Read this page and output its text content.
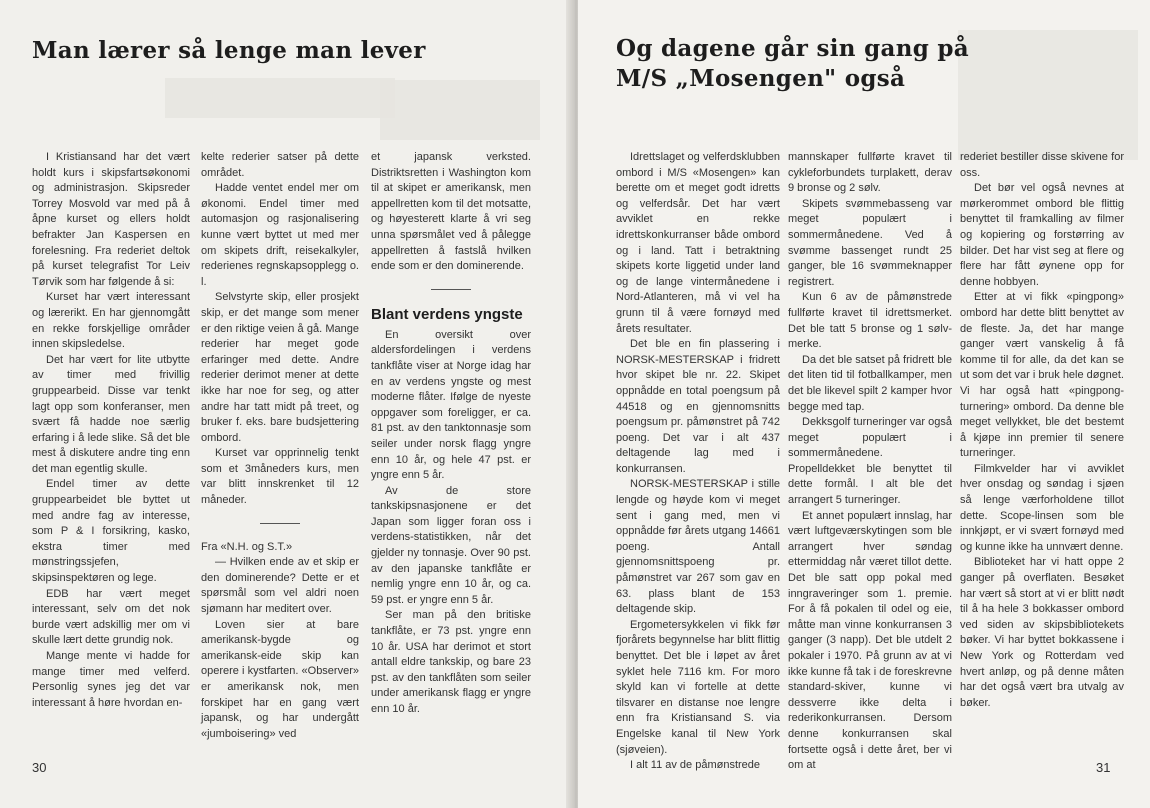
Man lærer så lenge man lever

I Kristiansand har det vært holdt kurs i skipsfartsøkonomi og administrasjon. Skipsreder Torrey Mosvold var med på å åpne kurset og ellers holdt befrakter Jan Kaspersen en forelesning. Fra rederiet deltok på kurset telegrafist Tor Leiv Tørvik som har følgende å si:

Kurset har vært interessant og lærerikt. En har gjennomgått en rekke forskjellige områder innen skipsledelse.

Det har vært for lite utbytte av timer med frivillig gruppearbeid. Disse var tenkt lagt opp som konferanser, men svært få hadde noe særlig erfaring i å lede slike. Så det ble mest å diskutere andre ting enn det man egentlig skulle.

Endel timer av dette gruppearbeidet ble byttet ut med andre fag av interesse, som P & I forsikring, kasko, ekstra timer med mønstringssjefen, skipsinspektøren og lege.

EDB har vært meget interessant, selv om det nok burde vært adskillig mer om vi skulle lært dette grundig nok.

Mange mente vi hadde for mange timer med velferd. Personlig synes jeg det var interessant å høre hvordan en-

kelte rederier satser på dette området.

Hadde ventet endel mer om økonomi. Endel timer med automasjon og rasjonalisering kunne vært byttet ut med mer om skipets drift, reisekalkyler, rederienes regnskapsopplegg o. l.

Selvstyrte skip, eller prosjekt skip, er det mange som mener er den riktige veien å gå. Mange rederier har meget gode erfaringer med dette. Andre rederier derimot mener at dette ikke har noe for seg, og atter andre har tatt midt på treet, og bruker f. eks. bare budsjettering ombord.

Kurset var opprinnelig tenkt som et 3måneders kurs, men var blitt innskrenket til 12 måneder.

Fra «N.H. og S.T.»

— Hvilken ende av et skip er den dominerende? Dette er et spørsmål som vel aldri noen sjømann har meditert over.

Loven sier at bare amerikansk-bygde og amerikansk-eide skip kan operere i kystfarten. «Observer» er amerikansk nok, men forskipet har en gang vært japansk, og har undergått «jumboisering» ved

et japansk verksted. Distriktsretten i Washington kom til at skipet er amerikansk, men appellretten kom til det motsatte, og høyesterett klarte å vri seg unna spørsmålet ved å pålegge appellretten å fastslå hvilken ende som er den dominerende.

Blant verdens yngste

En oversikt over aldersfordelingen i verdens tankflåte viser at Norge idag har en av verdens yngste og mest moderne flåter. Ifølge de nyeste oppgaver som foreligger, er ca. 81 pst. av den tanktonnasje som seiler under norsk flagg yngre enn 10 år, og hele 47 pst. er yngre enn 5 år.

Av de store tankskipsnasjonene er det Japan som ligger foran oss i verdens-statistikken, når det gjelder ny tonnasje. Over 90 pst. av den japanske tankflåte er nemlig yngre enn 10 år, og ca. 59 pst. er yngre enn 5 år.

Ser man på den britiske tankflåte, er 73 pst. yngre enn 10 år. USA har derimot et stort antall eldre tankskip, og bare 23 pst. av den tankflåten som seiler under amerikansk flagg er yngre enn 10 år.

30
Og dagene går sin gang på
M/S „Mosengen" også

Idrettslaget og velferdsklubben ombord i M/S «Mosengen» kan berette om et meget godt idretts og velferdsår. Det har vært avviklet en rekke idrettskonkurranser både ombord og i land. Tatt i betraktning skipets korte liggetid under land og de lange vintermånedene i Nord-Atlanteren, må vi vel ha grunn til å være fornøyd med årets resultater.

Det ble en fin plassering i NORSK-MESTERSKAP i fridrett hvor skipet ble nr. 22. Skipet oppnådde en total poengsum på 44518 og en gjennomsnitts poengsum pr. påmønstret på 742 poeng. Det var i alt 437 deltagende lag med i konkurransen.

NORSK-MESTERSKAP i stille lengde og høyde kom vi meget sent i gang med, men vi oppnådde før årets utgang 14661 poeng. Antall gjennomsnittspoeng pr. påmønstret var 267 som gav en 63. plass blant de 153 deltagende skip.

Ergometersykkelen vi fikk før fjorårets begynnelse har blitt flittig benyttet. Det ble i løpet av året syklet hele 7116 km. For moro skyld kan vi fortelle at dette tilsvarer en distanse noe lengre enn fra Kristiansand S. via Engelske kanal til New York (sjøveien).

I alt 11 av de påmønstrede

mannskaper fullførte kravet til cykleforbundets turplakett, derav 9 bronse og 2 sølv.

Skipets svømmebasseng var meget populært i sommermånedene. Ved å svømme bassenget rundt 25 ganger, ble 16 svømmeknapper registrert.

Kun 6 av de påmønstrede fullførte kravet til idrettsmerket. Det ble tatt 5 bronse og 1 sølv-merke.

Da det ble satset på fridrett ble det liten tid til fotballkamper, men det ble likevel spilt 2 kamper hvor begge med tap.

Dekksgolf turneringer var også meget populært i sommermånedene. Propelldekket ble benyttet til dette formål. I alt ble det arrangert 5 turneringer.

Et annet populært innslag, har vært luftgeværskytingen som ble arrangert hver søndag ettermiddag når været tillot dette. Det ble satt opp pokal med inngraveringer som 1. premie. For å få pokalen til odel og eie, måtte man vinne konkurransen 3 ganger (3 napp). Det ble utdelt 2 pokaler i 1970. På grunn av at vi ikke kunne få tak i de foreskrevne standard-skiver, kunne vi dessverre ikke delta i rederikonkurransen. Dersom denne konkurransen skal fortsette også i dette året, ber vi om at

rederiet bestiller disse skivene for oss.

Det bør vel også nevnes at mørkerommet ombord ble flittig benyttet til framkalling av filmer og kopiering og forstørring av bilder. Det har vist seg at flere og flere har fått øynene opp for denne hobbyen.

Etter at vi fikk «pingpong» ombord har dette blitt benyttet av de fleste. Ja, det har mange ganger vært vanskelig å få komme til for alle, da det kan se ut som det var i bruk hele døgnet. Vi har også hatt «pingpong-turnering» ombord. Da denne ble meget vellykket, ble det bestemt å kjøpe inn premier til senere turneringer.

Filmkvelder har vi avviklet hver onsdag og søndag i sjøen så lenge værforholdene tillot dette. Scope-linsen som ble innkjøpt, er vi svært fornøyd med og kunne ikke ha unnvært denne.

Biblioteket har vi hatt oppe 2 ganger på overflaten. Besøket har vært så stort at vi er blitt nødt til å ha hele 3 bokkasser ombord ved siden av skipsbibliotekets bøker. Vi har byttet bokkassene i New York og Rotterdam ved hvert anløp, og på denne måten har det også vært bra utvalg av bøker.

31
